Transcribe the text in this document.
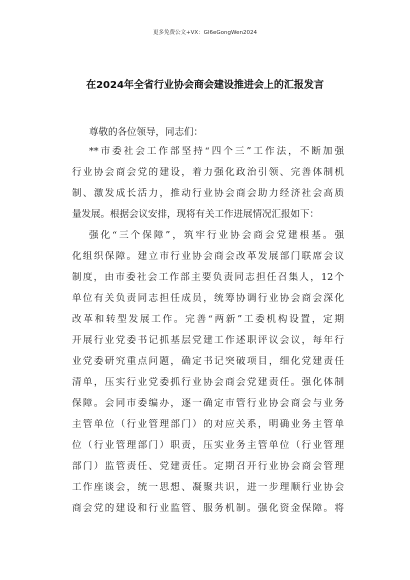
更多免费公文+VX：Gl6eGongWen2024
在2024年全省行业协会商会建设推进会上的汇报发言
尊敬的各位领导，同志们：
**市委社会工作部坚持“四个三”工作法，不断加强
行业协会商会党的建设，着力强化政治引领、完善体制机
制、激发成长活力，推动行业协会商会助力经济社会高质
量发展。根据会议安排，现将有关工作进展情况汇报如下：
强化“三个保障”，筑牢行业协会商会党建根基。强
化组织保障。建立市行业协会商会改革发展部门联席会议
制度，由市委社会工作部主要负责同志担任召集人，12个
单位有关负责同志担任成员，统筹协调行业协会商会深化
改革和转型发展工作。完善“两新”工委机构设置，定期
开展行业党委书记抓基层党建工作述职评议会议，每年行
业党委研究重点问题，确定书记突破项目，细化党建责任
清单，压实行业党委抓行业协会商会党建责任。强化体制
保障。会同市委编办，逐一确定市管行业协会商会与业务
主管单位（行业管理部门）的对应关系，明确业务主管单
位（行业管理部门）职责，压实业务主管单位（行业管理
部门）监管责任、党建责任。定期召开行业协会商会管理
工作座谈会，统一思想、凝聚共识，进一步理顺行业协会
商会党的建设和行业监管、服务机制。强化资金保障。将
